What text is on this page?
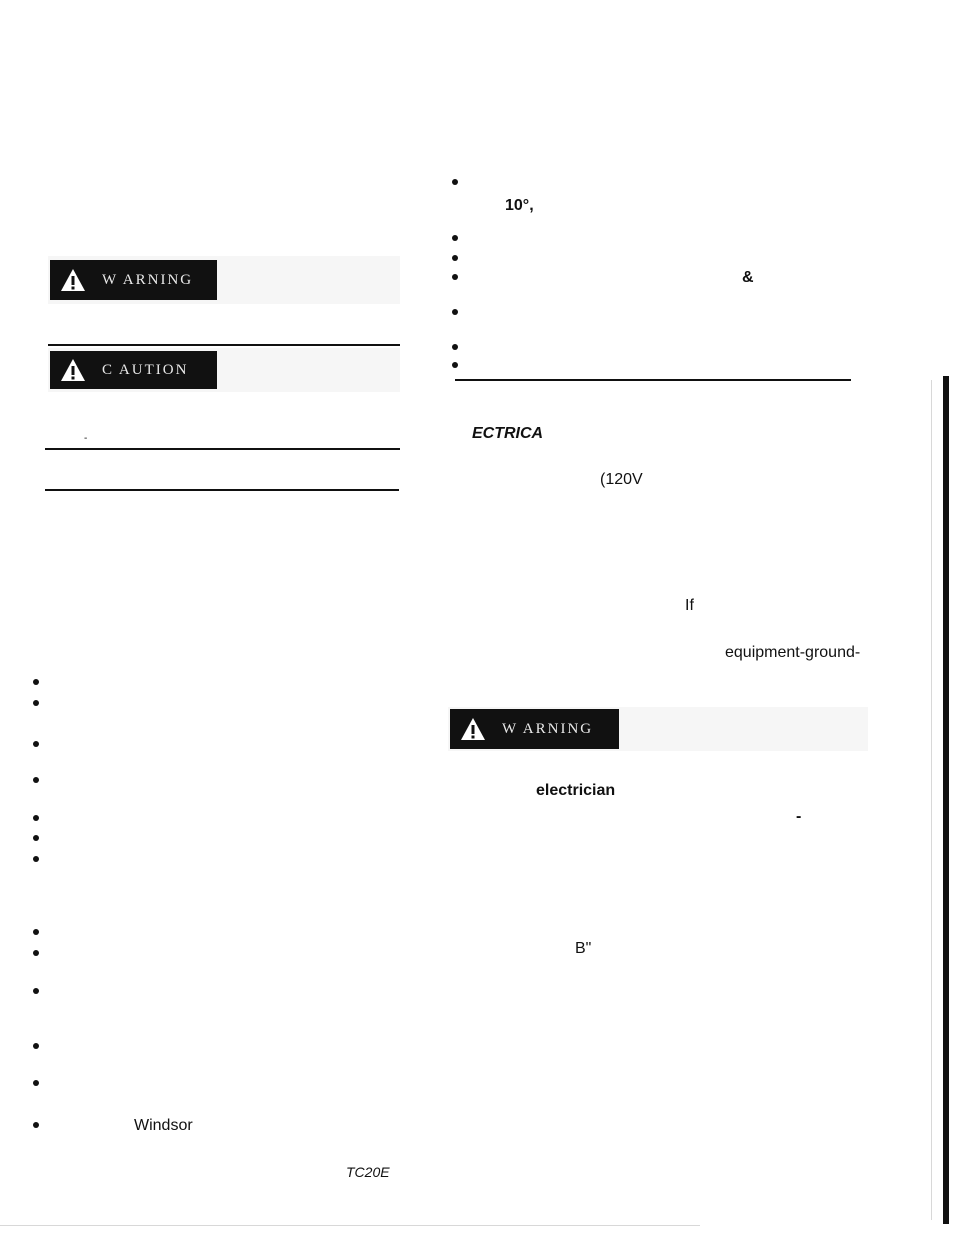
W ARNING
C AUTION
-
Windsor
TC20E
10°,
&
ECTRICA
(120V
If
equipment-ground-
W ARNING
electrician
-
B"
